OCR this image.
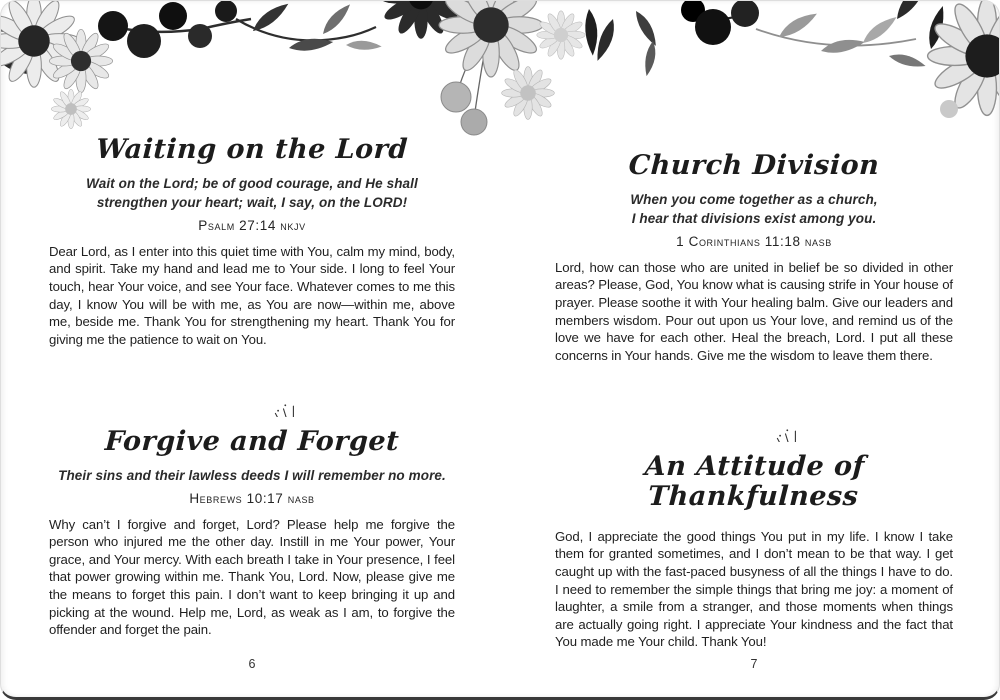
Waiting on the Lord

Wait on the Lord; be of good courage, and He shall
strengthen your heart; wait, I say, on the LORD!

Psalm 27:14 nkjv

Dear Lord, as I enter into this quiet time with You, calm my mind, body, and spirit. Take my hand and lead me to Your side. I long to feel Your touch, hear Your voice, and see Your face. Whatever comes to me this day, I know You will be with me, as You are now—within me, above me, beside me. Thank You for strengthening my heart. Thank You for giving me the patience to wait on You.

Forgive and Forget

Their sins and their lawless deeds I will remember no more.

Hebrews 10:17 nasb

Why can’t I forgive and forget, Lord? Please help me forgive the person who injured me the other day. Instill in me Your power, Your grace, and Your mercy. With each breath I take in Your presence, I feel that power growing within me. Thank You, Lord. Now, please give me the means to forget this pain. I don’t want to keep bringing it up and picking at the wound. Help me, Lord, as weak as I am, to forgive the offender and forget the pain.

Church Division

When you come together as a church,
I hear that divisions exist among you.

1 Corinthians 11:18 nasb

Lord, how can those who are united in belief be so divided in other areas? Please, God, You know what is causing strife in Your house of prayer. Please soothe it with Your healing balm. Give our leaders and members wisdom. Pour out upon us Your love, and remind us of the love we have for each other. Heal the breach, Lord. I put all these concerns in Your hands. Give me the wisdom to leave them there.

An Attitude of Thankfulness

God, I appreciate the good things You put in my life. I know I take them for granted sometimes, and I don’t mean to be that way. I get caught up with the fast-paced busyness of all the things I have to do. I need to remember the simple things that bring me joy: a moment of laughter, a smile from a stranger, and those moments when things are actually going right. I appreciate Your kindness and the fact that You made me Your child. Thank You!

6	7
